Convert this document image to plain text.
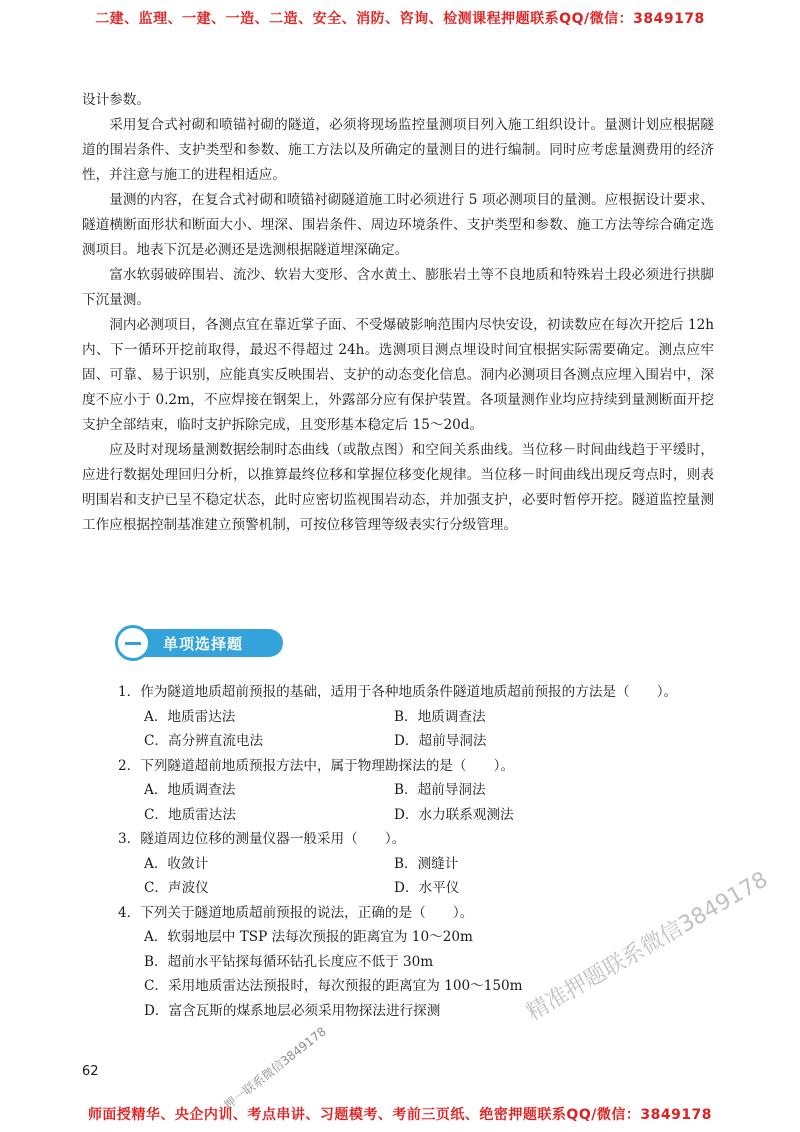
二建、监理、一建、一造、二造、安全、消防、咨询、检测课程押题联系QQ/微信：3849178

设计参数。

采用复合式衬砌和喷锚衬砌的隧道，必须将现场监控量测项目列入施工组织设计。量测计划应根据隧道的围岩条件、支护类型和参数、施工方法以及所确定的量测目的进行编制。同时应考虑量测费用的经济性，并注意与施工的进程相适应。

量测的内容，在复合式衬砌和喷锚衬砌隧道施工时必须进行 5 项必测项目的量测。应根据设计要求、隧道横断面形状和断面大小、埋深、围岩条件、周边环境条件、支护类型和参数、施工方法等综合确定选测项目。地表下沉是必测还是选测根据隧道埋深确定。

富水软弱破碎围岩、流沙、软岩大变形、含水黄土、膨胀岩土等不良地质和特殊岩土段必须进行拱脚下沉量测。

洞内必测项目，各测点宜在靠近掌子面、不受爆破影响范围内尽快安设，初读数应在每次开挖后 12h 内、下一循环开挖前取得，最迟不得超过 24h。选测项目测点埋设时间宜根据实际需要确定。测点应牢固、可靠、易于识别，应能真实反映围岩、支护的动态变化信息。洞内必测项目各测点应埋入围岩中，深度不应小于 0.2m，不应焊接在钢架上，外露部分应有保护装置。各项量测作业均应持续到量测断面开挖支护全部结束，临时支护拆除完成，且变形基本稳定后 15～20d。

应及时对现场量测数据绘制时态曲线（或散点图）和空间关系曲线。当位移－时间曲线趋于平缓时，应进行数据处理回归分析，以推算最终位移和掌握位移变化规律。当位移－时间曲线出现反弯点时，则表明围岩和支护已呈不稳定状态，此时应密切监视围岩动态，并加强支护，必要时暂停开挖。隧道监控量测工作应根据控制基准建立预警机制，可按位移管理等级表实行分级管理。

单项选择题

1．作为隧道地质超前预报的基础，适用于各种地质条件隧道地质超前预报的方法是（　　）。

A．地质雷达法	B．地质调查法
C．高分辨直流电法	D．超前导洞法

2．下列隧道超前地质预报方法中，属于物理勘探法的是（　　）。

A．地质调查法	B．超前导洞法
C．地质雷达法	D．水力联系观测法

3．隧道周边位移的测量仪器一般采用（　　）。

A．收敛计	B．测缝计
C．声波仪	D．水平仪

4．下列关于隧道地质超前预报的说法，正确的是（　　）。

A．软弱地层中 TSP 法每次预报的距离宜为 10～20m
B．超前水平钻探每循环钻孔长度应不低于 30m
C．采用地质雷达法预报时，每次预报的距离宜为 100～150m
D．富含瓦斯的煤系地层必须采用物探法进行探测
62
精准押题联系微信3849178
押一联系微信3849178
师面授精华、央企内训、考点串讲、习题模考、考前三页纸、绝密押题联系QQ/微信：3849178
